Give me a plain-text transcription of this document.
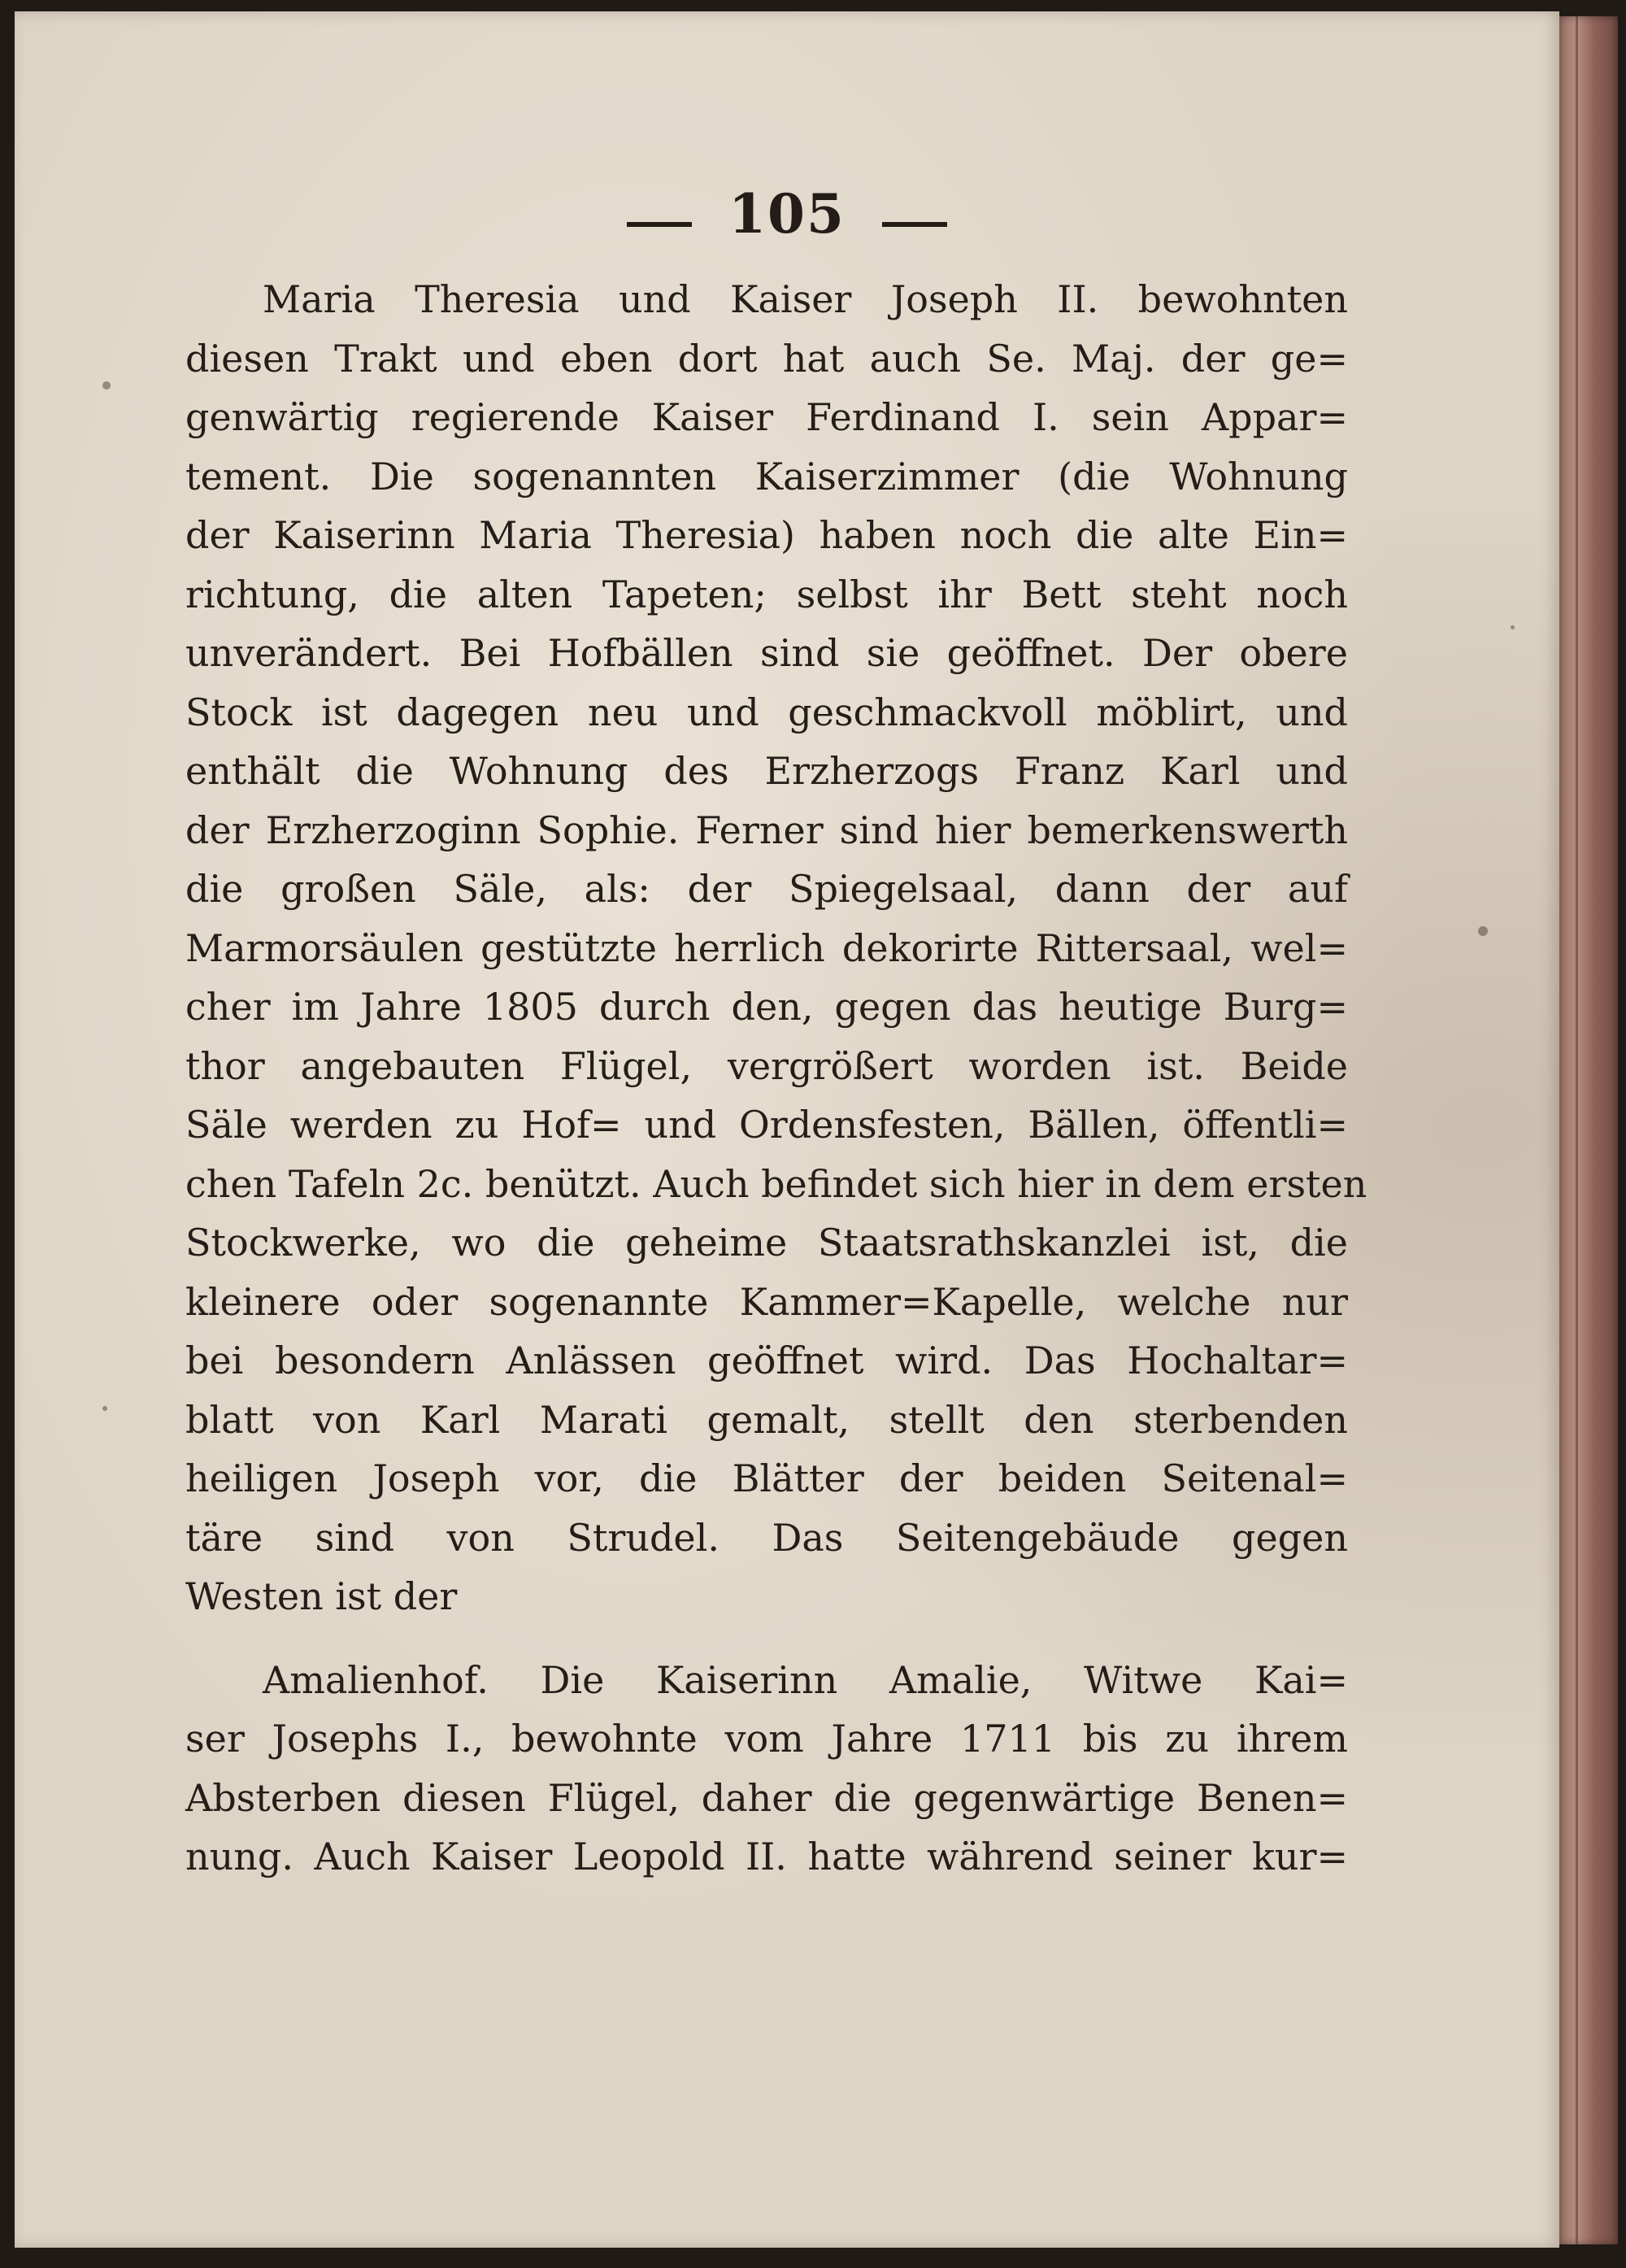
105
Maria Theresia und Kaiser Joseph II. bewohnten
diesen Trakt und eben dort hat auch Se. Maj. der ge=
genwärtig regierende Kaiser Ferdinand I. sein Appar=
tement. Die sogenannten Kaiserzimmer (die Wohnung
der Kaiserinn Maria Theresia) haben noch die alte Ein=
richtung, die alten Tapeten; selbst ihr Bett steht noch
unverändert. Bei Hofbällen sind sie geöffnet. Der obere
Stock ist dagegen neu und geschmackvoll möblirt, und
enthält die Wohnung des Erzherzogs Franz Karl und
der Erzherzoginn Sophie. Ferner sind hier bemerkenswerth
die großen Säle, als: der Spiegelsaal, dann der auf
Marmorsäulen gestützte herrlich dekorirte Rittersaal, wel=
cher im Jahre 1805 durch den, gegen das heutige Burg=
thor angebauten Flügel, vergrößert worden ist. Beide
Säle werden zu Hof= und Ordensfesten, Bällen, öffentli=
chen Tafeln 2c. benützt. Auch befindet sich hier in dem ersten
Stockwerke, wo die geheime Staatsrathskanzlei ist, die
kleinere oder sogenannte Kammer=Kapelle, welche nur
bei besondern Anlässen geöffnet wird. Das Hochaltar=
blatt von Karl Marati gemalt, stellt den sterbenden
heiligen Joseph vor, die Blätter der beiden Seitenal=
täre sind von Strudel. Das Seitengebäude gegen
Westen ist der
Amalienhof. Die Kaiserinn Amalie, Witwe Kai=
ser Josephs I., bewohnte vom Jahre 1711 bis zu ihrem
Absterben diesen Flügel, daher die gegenwärtige Benen=
nung. Auch Kaiser Leopold II. hatte während seiner kur=
